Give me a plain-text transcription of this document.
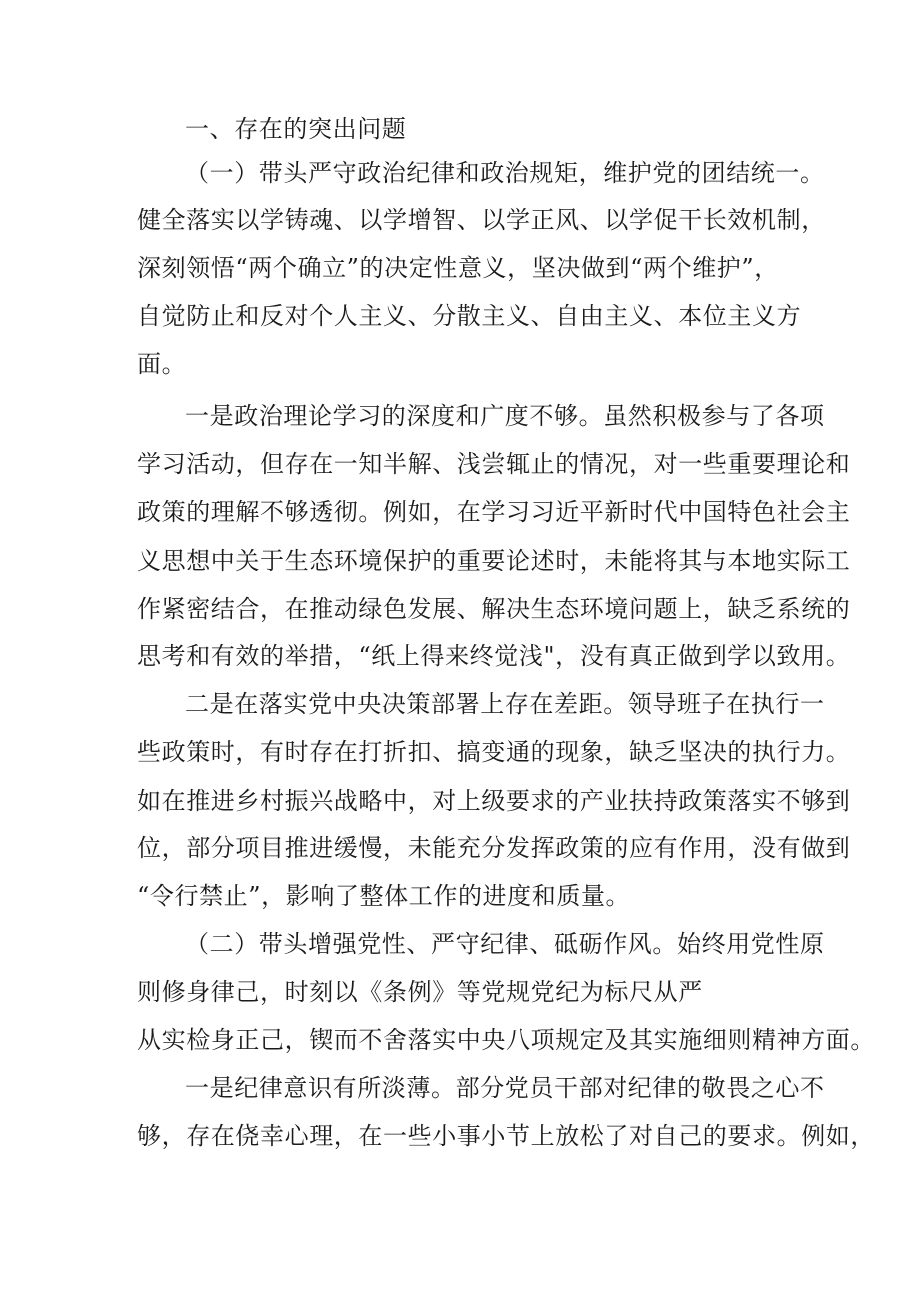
一、存在的突出问题
（一）带头严守政治纪律和政治规矩，维护党的团结统一。
健全落实以学铸魂、以学增智、以学正风、以学促干长效机制，
深刻领悟“两个确立”的决定性意义，坚决做到“两个维护”，
自觉防止和反对个人主义、分散主义、自由主义、本位主义方
面。
一是政治理论学习的深度和广度不够。虽然积极参与了各项
学习活动，但存在一知半解、浅尝辄止的情况，对一些重要理论和
政策的理解不够透彻。例如，在学习习近平新时代中国特色社会主
义思想中关于生态环境保护的重要论述时，未能将其与本地实际工
作紧密结合，在推动绿色发展、解决生态环境问题上，缺乏系统的
思考和有效的举措，“纸上得来终觉浅"，没有真正做到学以致用。
二是在落实党中央决策部署上存在差距。领导班子在执行一
些政策时，有时存在打折扣、搞变通的现象，缺乏坚决的执行力。
如在推进乡村振兴战略中，对上级要求的产业扶持政策落实不够到
位，部分项目推进缓慢，未能充分发挥政策的应有作用，没有做到
“令行禁止”，影响了整体工作的进度和质量。
（二）带头增强党性、严守纪律、砥砺作风。始终用党性原
则修身律己，时刻以《条例》等党规党纪为标尺从严
从实检身正己，锲而不舍落实中央八项规定及其实施细则精神方面。
一是纪律意识有所淡薄。部分党员干部对纪律的敬畏之心不
够，存在侥幸心理，在一些小事小节上放松了对自己的要求。例如，
